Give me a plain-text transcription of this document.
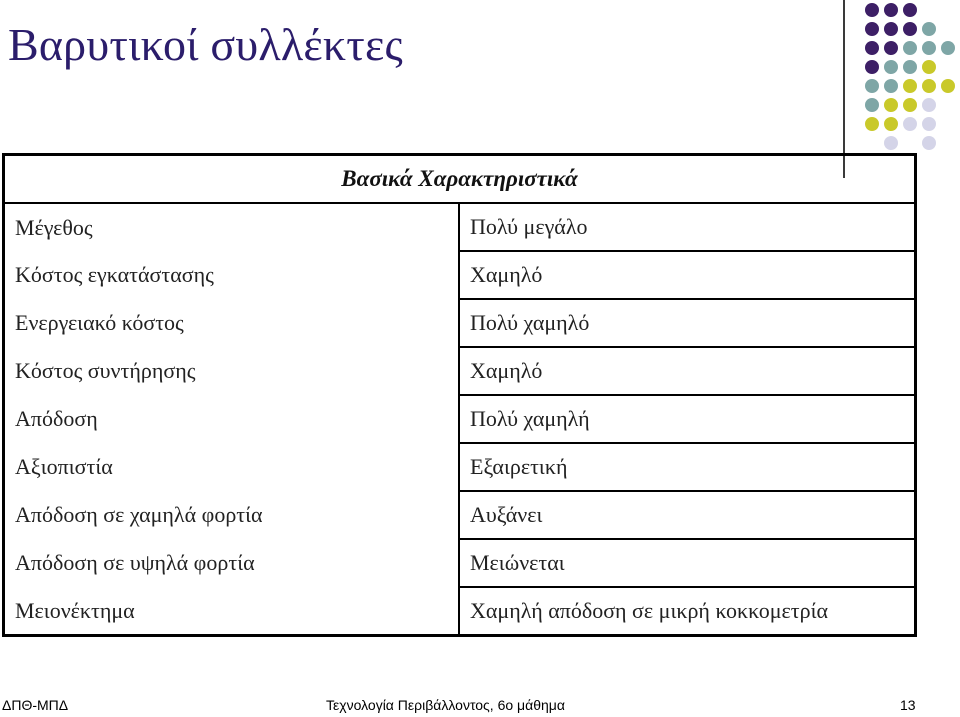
Βαρυτικοί συλλέκτες
Βασικά Χαρακτηριστικά	
Μέγεθος	Πολύ μεγάλο
Κόστος εγκατάστασης	Χαμηλό
Ενεργειακό κόστος	Πολύ χαμηλό
Κόστος συντήρησης	Χαμηλό
Απόδοση	Πολύ χαμηλή
Αξιοπιστία	Εξαιρετική
Απόδοση σε χαμηλά φορτία	Αυξάνει
Απόδοση σε υψηλά φορτία	Μειώνεται
Μειονέκτημα	Χαμηλή απόδοση σε μικρή κοκκομετρία
ΔΠΘ-ΜΠΔ	Τεχνολογία Περιβάλλοντος, 6ο μάθημα	13
